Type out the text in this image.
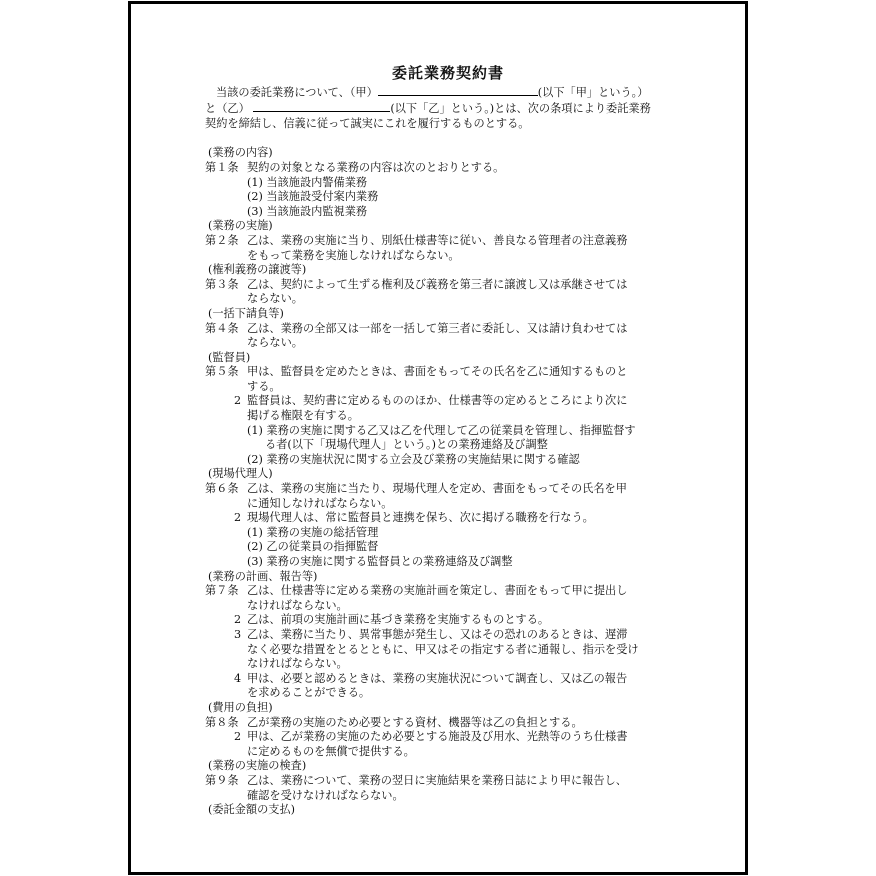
委託業務契約書
当該の委託業務について、（甲）	(以下「甲」という。）
と（乙）	(以下「乙」という。)とは、次の条項により委託業務
契約を締結し、信義に従って誠実にこれを履行するものとする。
(業務の内容)
第１条 契約の対象となる業務の内容は次のとおりとする。
(1) 当該施設内警備業務
(2) 当該施設受付案内業務
(3) 当該施設内監視業務
(業務の実施)
第２条 乙は、業務の実施に当り、別紙仕様書等に従い、善良なる管理者の注意義務
をもって業務を実施しなければならない。
(権利義務の譲渡等)
第３条 乙は、契約によって生ずる権利及び義務を第三者に譲渡し又は承継させては
ならない。
(一括下請負等)
第４条 乙は、業務の全部又は一部を一括して第三者に委託し、又は請け負わせては
ならない。
(監督員)
第５条 甲は、監督員を定めたときは、書面をもってその氏名を乙に通知するものと
する。
2 監督員は、契約書に定めるもののほか、仕様書等の定めるところにより次に
掲げる権限を有する。
(1) 業務の実施に関する乙又は乙を代理して乙の従業員を管理し、指揮監督す
る者(以下「現場代理人」という。)との業務連絡及び調整
(2) 業務の実施状況に関する立会及び業務の実施結果に関する確認
(現場代理人)
第６条 乙は、業務の実施に当たり、現場代理人を定め、書面をもってその氏名を甲
に通知しなければならない。
2 現場代理人は、常に監督員と連携を保ち、次に掲げる職務を行なう。
(1) 業務の実施の総括管理
(2) 乙の従業員の指揮監督
(3) 業務の実施に関する監督員との業務連絡及び調整
(業務の計画、報告等)
第７条 乙は、仕様書等に定める業務の実施計画を策定し、書面をもって甲に提出し
なければならない。
2 乙は、前項の実施計画に基づき業務を実施するものとする。
3 乙は、業務に当たり、異常事態が発生し、又はその恐れのあるときは、遅滞
なく必要な措置をとるとともに、甲又はその指定する者に通報し、指示を受け
なければならない。
4 甲は、必要と認めるときは、業務の実施状況について調査し、又は乙の報告
を求めることができる。
(費用の負担)
第８条 乙が業務の実施のため必要とする資材、機器等は乙の負担とする。
2 甲は、乙が業務の実施のため必要とする施設及び用水、光熱等のうち仕様書
に定めるものを無償で提供する。
(業務の実施の検査)
第９条 乙は、業務について、業務の翌日に実施結果を業務日誌により甲に報告し、
確認を受けなければならない。
(委託金額の支払)
